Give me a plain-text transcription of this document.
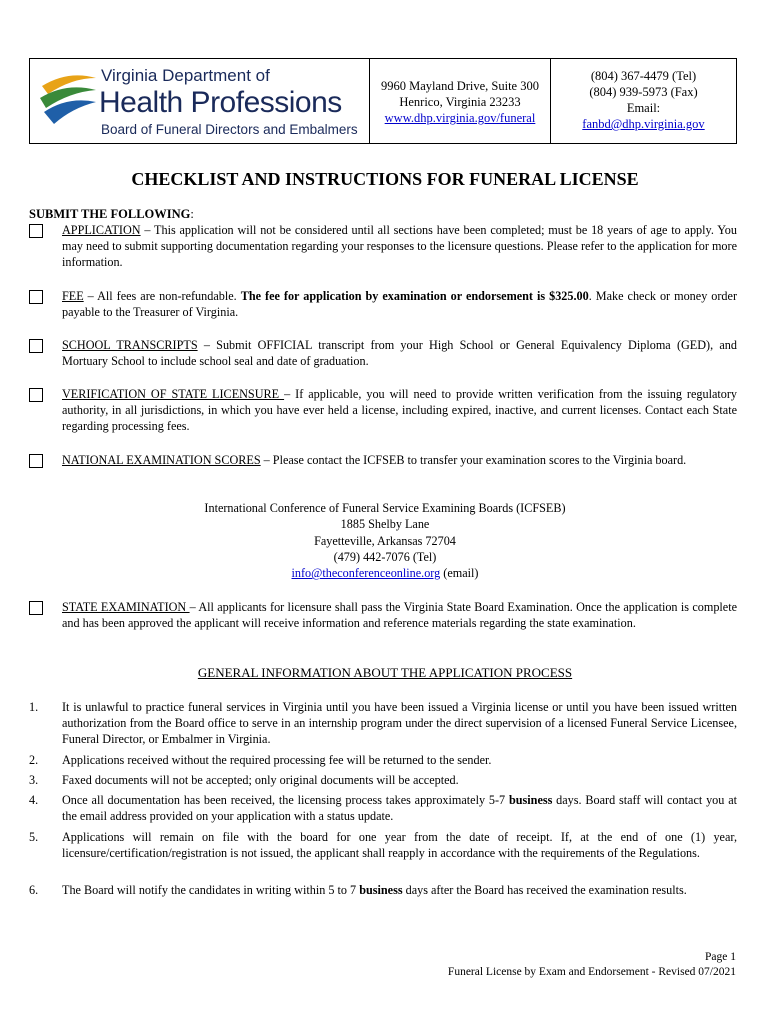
Virginia Department of
Health Professions
Board of Funeral Directors and Embalmers
9960 Mayland Drive, Suite 300
Henrico, Virginia 23233
www.dhp.virginia.gov/funeral
(804) 367-4479 (Tel)
(804) 939-5973 (Fax)
Email:
fanbd@dhp.virginia.gov
CHECKLIST AND INSTRUCTIONS FOR FUNERAL LICENSE
SUBMIT THE FOLLOWING:
APPLICATION – This application will not be considered until all sections have been completed; must be 18 years of age to apply. You may need to submit supporting documentation regarding your responses to the licensure questions. Please refer to the application for more information.
FEE – All fees are non-refundable. The fee for application by examination or endorsement is $325.00. Make check or money order payable to the Treasurer of Virginia.
SCHOOL TRANSCRIPTS – Submit OFFICIAL transcript from your High School or General Equivalency Diploma (GED), and Mortuary School to include school seal and date of graduation.
VERIFICATION OF STATE LICENSURE – If applicable, you will need to provide written verification from the issuing regulatory authority, in all jurisdictions, in which you have ever held a license, including expired, inactive, and current licenses. Contact each State regarding processing fees.
NATIONAL EXAMINATION SCORES – Please contact the ICFSEB to transfer your examination scores to the Virginia board.
International Conference of Funeral Service Examining Boards (ICFSEB)
1885 Shelby Lane
Fayetteville, Arkansas 72704
(479) 442-7076 (Tel)
info@theconferenceonline.org (email)
STATE EXAMINATION – All applicants for licensure shall pass the Virginia State Board Examination. Once the application is complete and has been approved the applicant will receive information and reference materials regarding the state examination.
GENERAL INFORMATION ABOUT THE APPLICATION PROCESS
1. It is unlawful to practice funeral services in Virginia until you have been issued a Virginia license or until you have been issued written authorization from the Board office to serve in an internship program under the direct supervision of a licensed Funeral Service Licensee, Funeral Director, or Embalmer in Virginia.
2. Applications received without the required processing fee will be returned to the sender.
3. Faxed documents will not be accepted; only original documents will be accepted.
4. Once all documentation has been received, the licensing process takes approximately 5-7 business days. Board staff will contact you at the email address provided on your application with a status update.
5. Applications will remain on file with the board for one year from the date of receipt. If, at the end of one (1) year, licensure/certification/registration is not issued, the applicant shall reapply in accordance with the requirements of the Regulations.
6. The Board will notify the candidates in writing within 5 to 7 business days after the Board has received the examination results.
Page 1
Funeral License by Exam and Endorsement - Revised 07/2021
